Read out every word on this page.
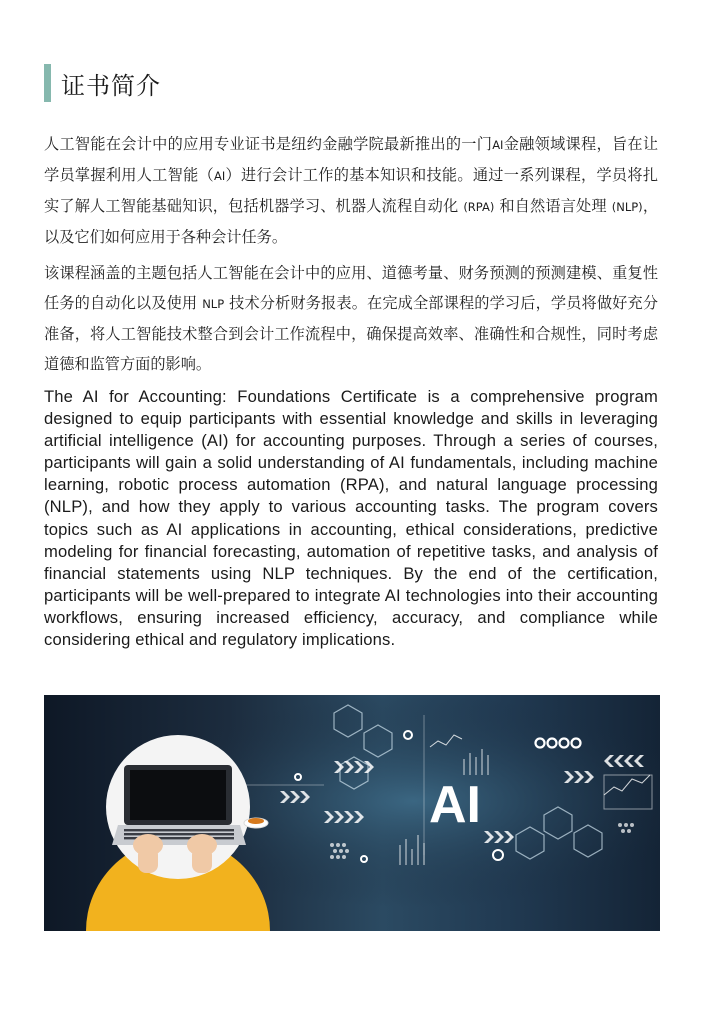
证书简介

人工智能在会计中的应用专业证书是纽约金融学院最新推出的一门AI金融领域课程，旨在让学员掌握利用人工智能（AI）进行会计工作的基本知识和技能。通过一系列课程，学员将扎实了解人工智能基础知识，包括机器学习、机器人流程自动化 (RPA) 和自然语言处理 (NLP)，以及它们如何应用于各种会计任务。

该课程涵盖的主题包括人工智能在会计中的应用、道德考量、财务预测的预测建模、重复性任务的自动化以及使用 NLP 技术分析财务报表。在完成全部课程的学习后，学员将做好充分准备，将人工智能技术整合到会计工作流程中，确保提高效率、准确性和合规性，同时考虑道德和监管方面的影响。

The AI for Accounting: Foundations Certificate is a comprehensive program designed to equip participants with essential knowledge and skills in leveraging artificial intelligence (AI) for accounting purposes. Through a series of courses, participants will gain a solid understanding of AI fundamentals, including machine learning, robotic process automation (RPA), and natural language processing (NLP), and how they apply to various accounting tasks. The program covers topics such as AI applications in accounting, ethical considerations, predictive modeling for financial forecasting, automation of repetitive tasks, and analysis of financial statements using NLP techniques. By the end of the certification, participants will be well-prepared to integrate AI technologies into their accounting workflows, ensuring increased efficiency, accuracy, and compliance while considering ethical and regulatory implications.

AI
